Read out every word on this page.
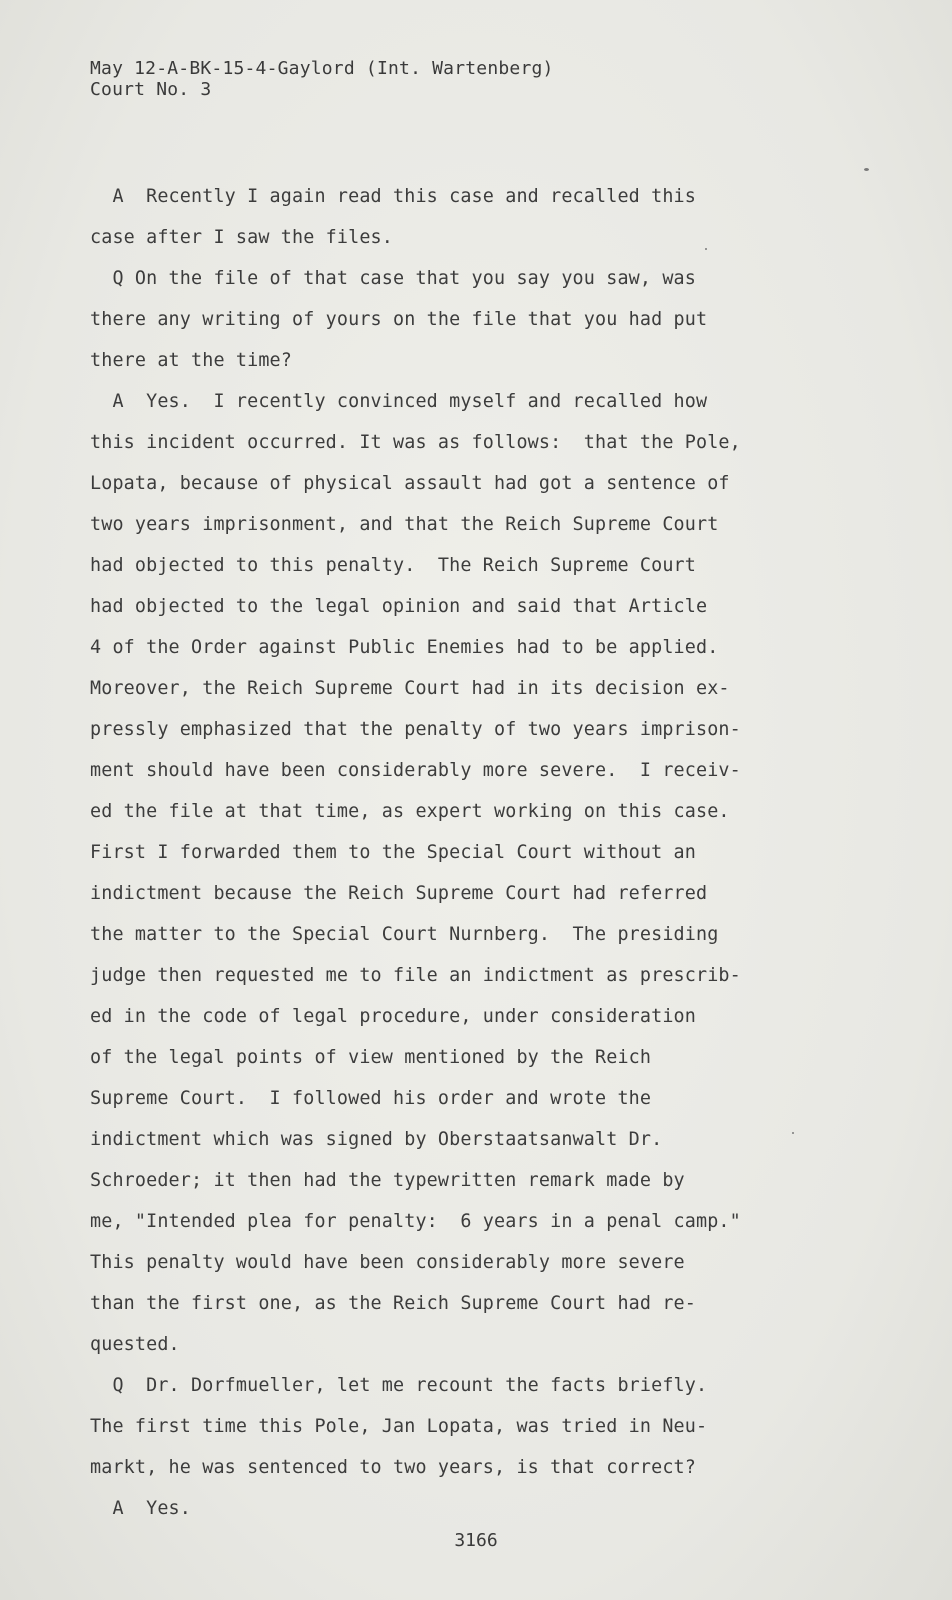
May 12-A-BK-15-4-Gaylord (Int. Wartenberg)
Court No. 3
A  Recently I again read this case and recalled this
case after I saw the files.
Q On the file of that case that you say you saw, was
there any writing of yours on the file that you had put
there at the time?
A  Yes.  I recently convinced myself and recalled how
this incident occurred. It was as follows:  that the Pole,
Lopata, because of physical assault had got a sentence of
two years imprisonment, and that the Reich Supreme Court
had objected to this penalty.  The Reich Supreme Court
had objected to the legal opinion and said that Article
4 of the Order against Public Enemies had to be applied.
Moreover, the Reich Supreme Court had in its decision ex-
pressly emphasized that the penalty of two years imprison-
ment should have been considerably more severe.  I receiv-
ed the file at that time, as expert working on this case.
First I forwarded them to the Special Court without an
indictment because the Reich Supreme Court had referred
the matter to the Special Court Nurnberg.  The presiding
judge then requested me to file an indictment as prescrib-
ed in the code of legal procedure, under consideration
of the legal points of view mentioned by the Reich
Supreme Court.  I followed his order and wrote the
indictment which was signed by Oberstaatsanwalt Dr.
Schroeder; it then had the typewritten remark made by
me, "Intended plea for penalty:  6 years in a penal camp."
This penalty would have been considerably more severe
than the first one, as the Reich Supreme Court had re-
quested.
Q  Dr. Dorfmueller, let me recount the facts briefly.
The first time this Pole, Jan Lopata, was tried in Neu-
markt, he was sentenced to two years, is that correct?
A  Yes.
3166
